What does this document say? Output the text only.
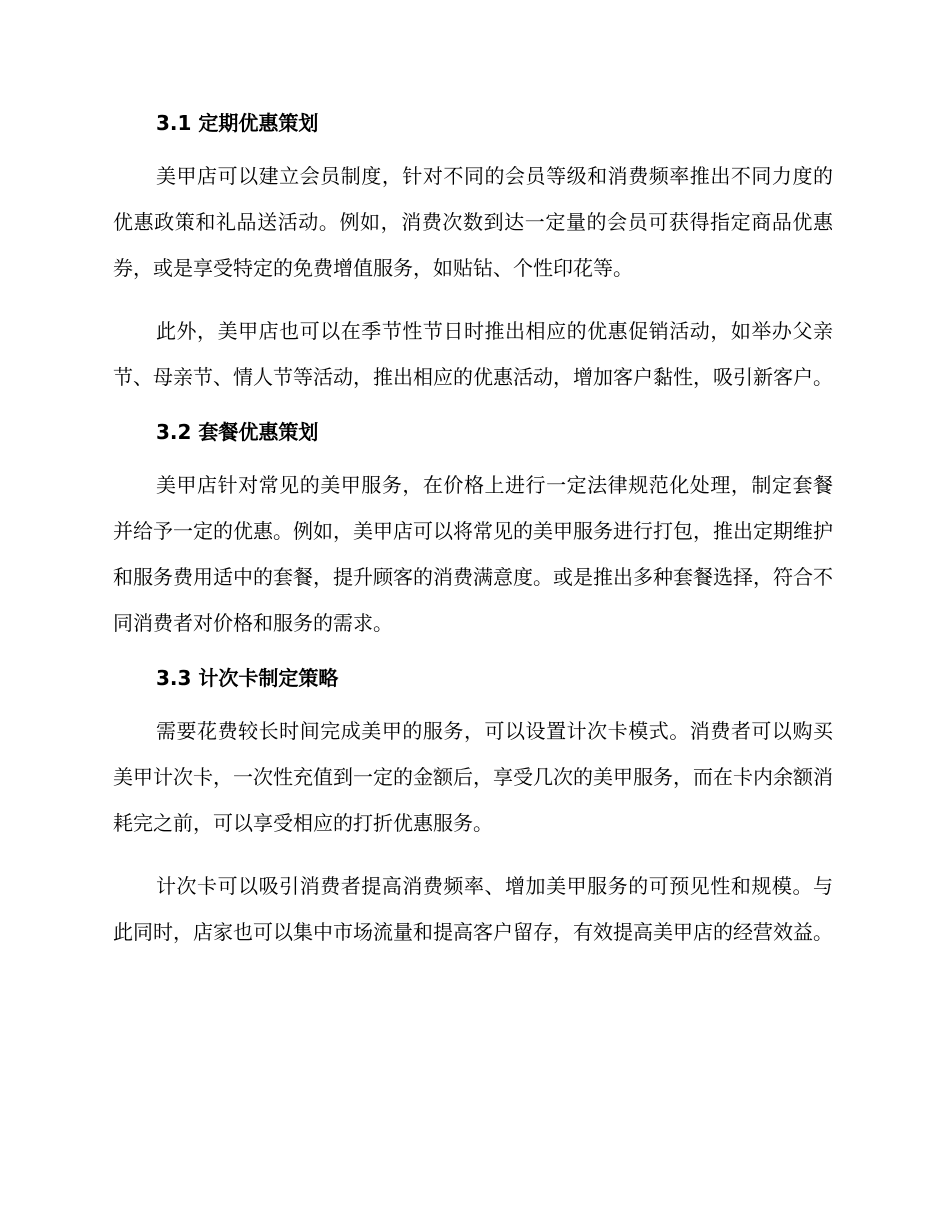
3.1 定期优惠策划

美甲店可以建立会员制度，针对不同的会员等级和消费频率推出不同力度的优惠政策和礼品送活动。例如，消费次数到达一定量的会员可获得指定商品优惠券，或是享受特定的免费增值服务，如贴钻、个性印花等。

此外，美甲店也可以在季节性节日时推出相应的优惠促销活动，如举办父亲节、母亲节、情人节等活动，推出相应的优惠活动，增加客户黏性，吸引新客户。

3.2 套餐优惠策划

美甲店针对常见的美甲服务，在价格上进行一定法律规范化处理，制定套餐并给予一定的优惠。例如，美甲店可以将常见的美甲服务进行打包，推出定期维护和服务费用适中的套餐，提升顾客的消费满意度。或是推出多种套餐选择，符合不同消费者对价格和服务的需求。

3.3 计次卡制定策略

需要花费较长时间完成美甲的服务，可以设置计次卡模式。消费者可以购买美甲计次卡，一次性充值到一定的金额后，享受几次的美甲服务，而在卡内余额消耗完之前，可以享受相应的打折优惠服务。

计次卡可以吸引消费者提高消费频率、增加美甲服务的可预见性和规模。与此同时，店家也可以集中市场流量和提高客户留存，有效提高美甲店的经营效益。
